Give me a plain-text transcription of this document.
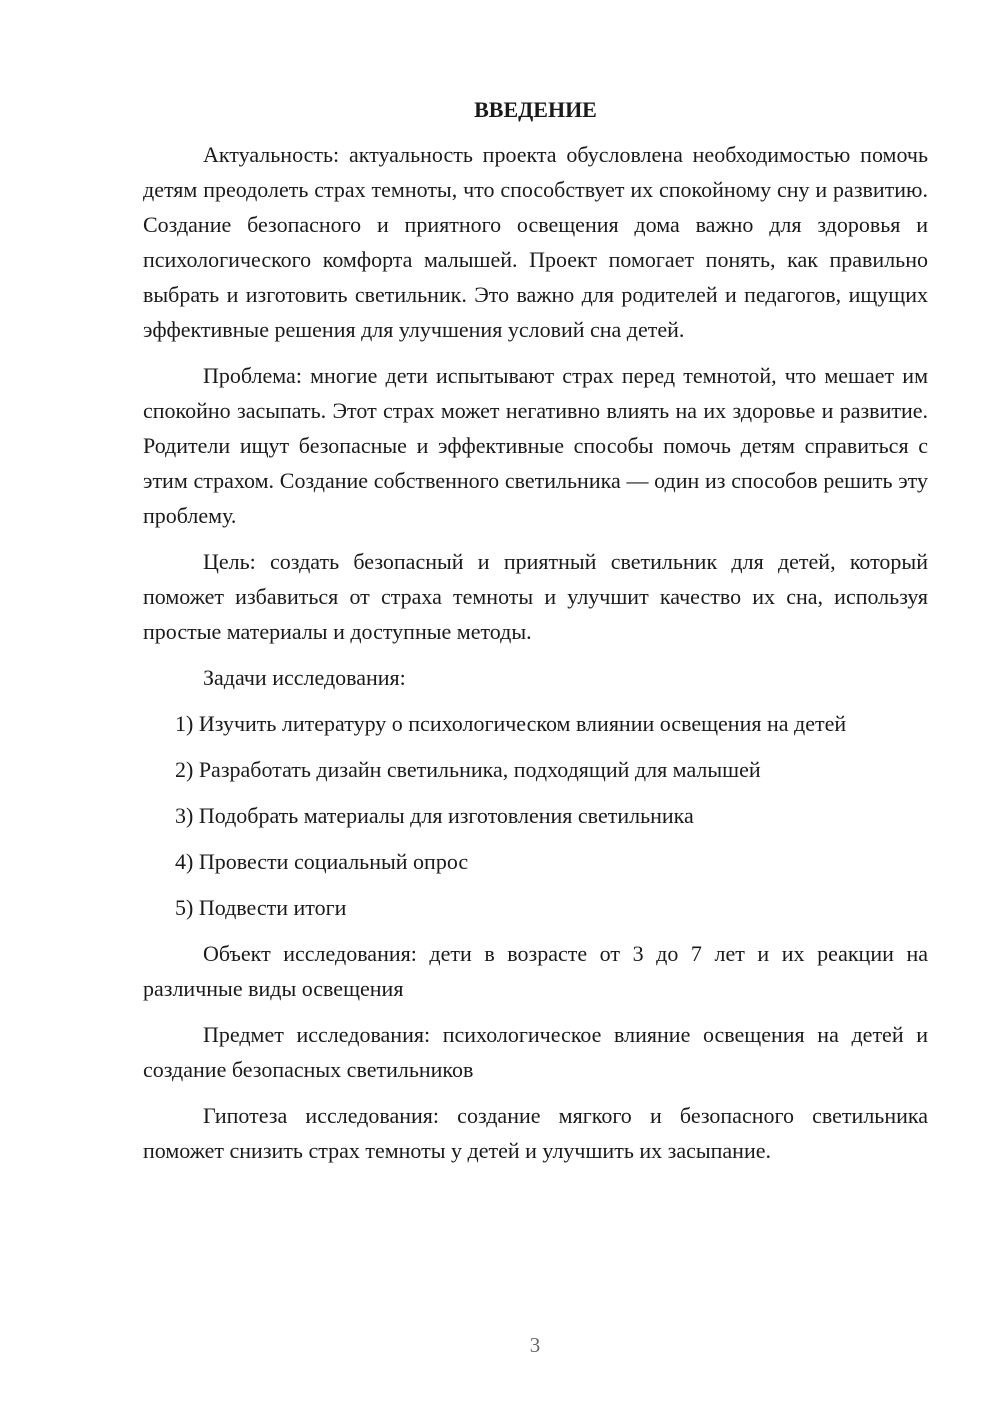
ВВЕДЕНИЕ

Актуальность: актуальность проекта обусловлена необходимостью помочь детям преодолеть страх темноты, что способствует их спокойному сну и развитию. Создание безопасного и приятного освещения дома важно для здоровья и психологического комфорта малышей. Проект помогает понять, как правильно выбрать и изготовить светильник. Это важно для родителей и педагогов, ищущих эффективные решения для улучшения условий сна детей.

Проблема: многие дети испытывают страх перед темнотой, что мешает им спокойно засыпать. Этот страх может негативно влиять на их здоровье и развитие. Родители ищут безопасные и эффективные способы помочь детям справиться с этим страхом. Создание собственного светильника — один из способов решить эту проблему.

Цель: создать безопасный и приятный светильник для детей, который поможет избавиться от страха темноты и улучшит качество их сна, используя простые материалы и доступные методы.

Задачи исследования:

1) Изучить литературу о психологическом влиянии освещения на детей

2) Разработать дизайн светильника, подходящий для малышей

3) Подобрать материалы для изготовления светильника

4) Провести социальный опрос

5) Подвести итоги

Объект исследования: дети в возрасте от 3 до 7 лет и их реакции на различные виды освещения

Предмет исследования: психологическое влияние освещения на детей и создание безопасных светильников

Гипотеза исследования: создание мягкого и безопасного светильника поможет снизить страх темноты у детей и улучшить их засыпание.

3
